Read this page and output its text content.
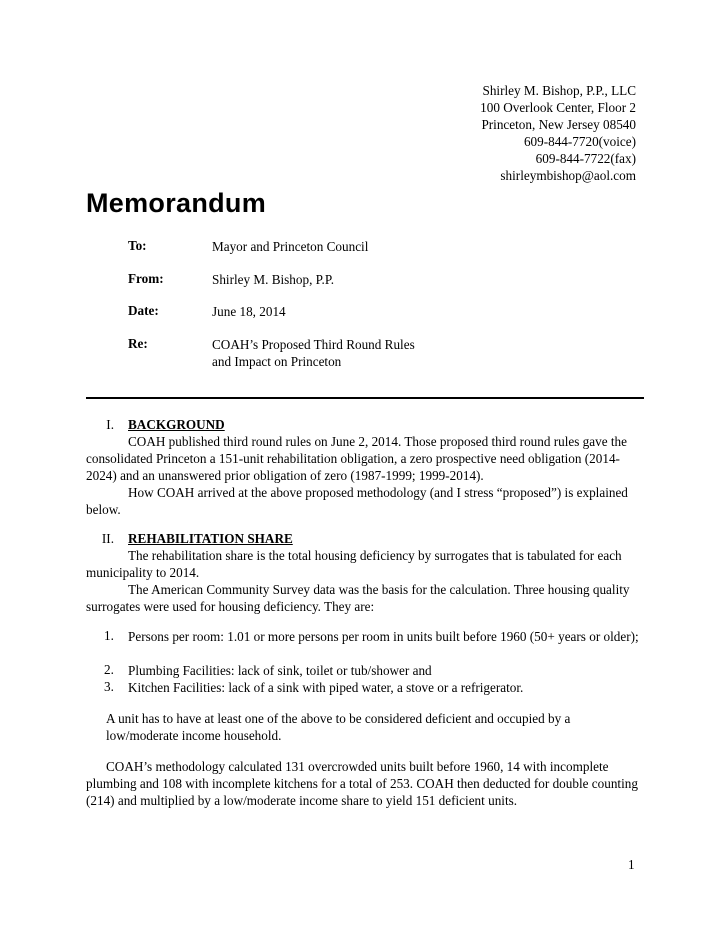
Shirley M. Bishop, P.P., LLC
100 Overlook Center, Floor 2
Princeton, New Jersey 08540
609-844-7720(voice)
609-844-7722(fax)
shirleymbishop@aol.com
Memorandum
To:	Mayor and Princeton Council
From:	Shirley M. Bishop, P.P.
Date:	June 18, 2014
Re:	COAH’s Proposed Third Round Rules
and Impact on Princeton
I. BACKGROUND
COAH published third round rules on June 2, 2014. Those proposed third round rules gave the consolidated Princeton a 151-unit rehabilitation obligation, a zero prospective need obligation (2014-2024) and an unanswered prior obligation of zero (1987-1999; 1999-2014).
How COAH arrived at the above proposed methodology (and I stress “proposed”) is explained below.
II. REHABILITATION SHARE
The rehabilitation share is the total housing deficiency by surrogates that is tabulated for each municipality to 2014.
The American Community Survey data was the basis for the calculation. Three housing quality surrogates were used for housing deficiency. They are:
1. Persons per room: 1.01 or more persons per room in units built before 1960 (50+ years or older);
2. Plumbing Facilities: lack of sink, toilet or tub/shower and
3. Kitchen Facilities: lack of a sink with piped water, a stove or a refrigerator.
A unit has to have at least one of the above to be considered deficient and occupied by a low/moderate income household.
COAH’s methodology calculated 131 overcrowded units built before 1960, 14 with incomplete plumbing and 108 with incomplete kitchens for a total of 253. COAH then deducted for double counting (214) and multiplied by a low/moderate income share to yield 151 deficient units.
1
